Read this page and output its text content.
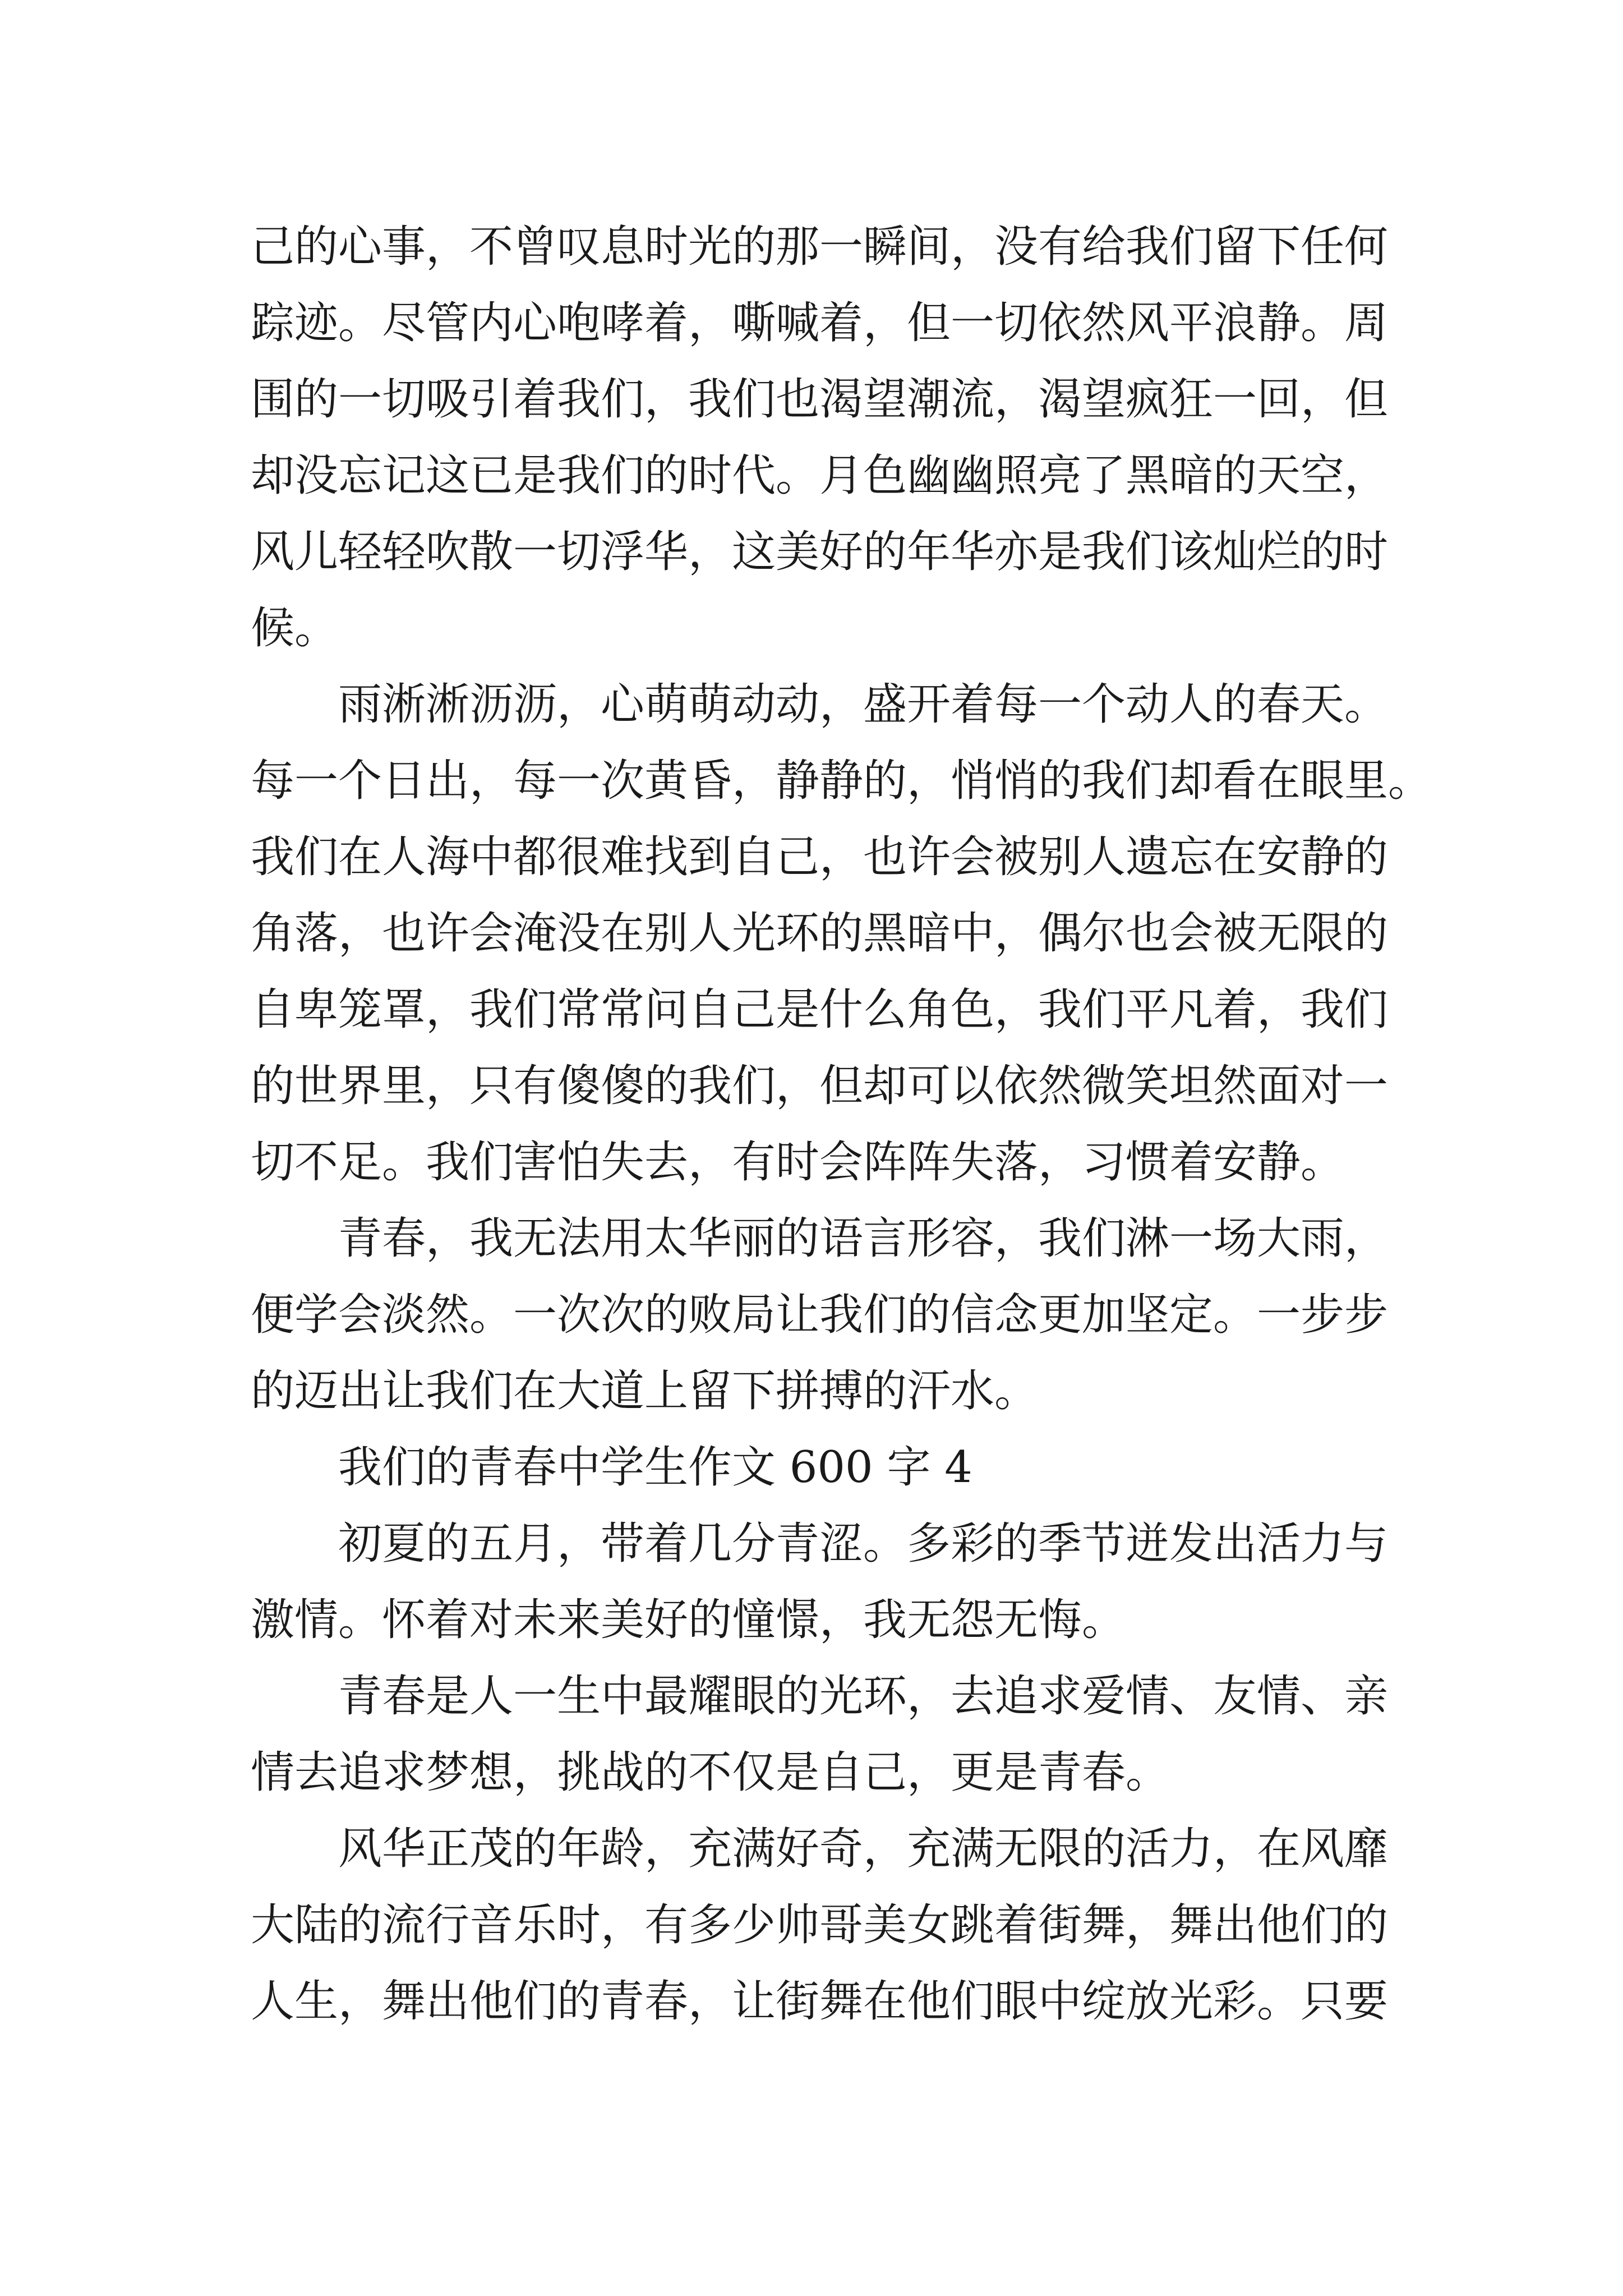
己的心事，不曾叹息时光的那一瞬间，没有给我们留下任何
踪迹。尽管内心咆哮着，嘶喊着，但一切依然风平浪静。周
围的一切吸引着我们，我们也渴望潮流，渴望疯狂一回，但
却没忘记这已是我们的时代。月色幽幽照亮了黑暗的天空，
风儿轻轻吹散一切浮华，这美好的年华亦是我们该灿烂的时
候。
雨淅淅沥沥，心萌萌动动，盛开着每一个动人的春天。
每一个日出，每一次黄昏，静静的，悄悄的我们却看在眼里。
我们在人海中都很难找到自己，也许会被别人遗忘在安静的
角落，也许会淹没在别人光环的黑暗中，偶尔也会被无限的
自卑笼罩，我们常常问自己是什么角色，我们平凡着，我们
的世界里，只有傻傻的我们，但却可以依然微笑坦然面对一
切不足。我们害怕失去，有时会阵阵失落，习惯着安静。
青春，我无法用太华丽的语言形容，我们淋一场大雨，
便学会淡然。一次次的败局让我们的信念更加坚定。一步步
的迈出让我们在大道上留下拼搏的汗水。
我们的青春中学生作文 600 字 4
初夏的五月，带着几分青涩。多彩的季节迸发出活力与
激情。怀着对未来美好的憧憬，我无怨无悔。
青春是人一生中最耀眼的光环，去追求爱情、友情、亲
情去追求梦想，挑战的不仅是自己，更是青春。
风华正茂的年龄，充满好奇，充满无限的活力，在风靡
大陆的流行音乐时，有多少帅哥美女跳着街舞，舞出他们的
人生，舞出他们的青春，让街舞在他们眼中绽放光彩。只要
